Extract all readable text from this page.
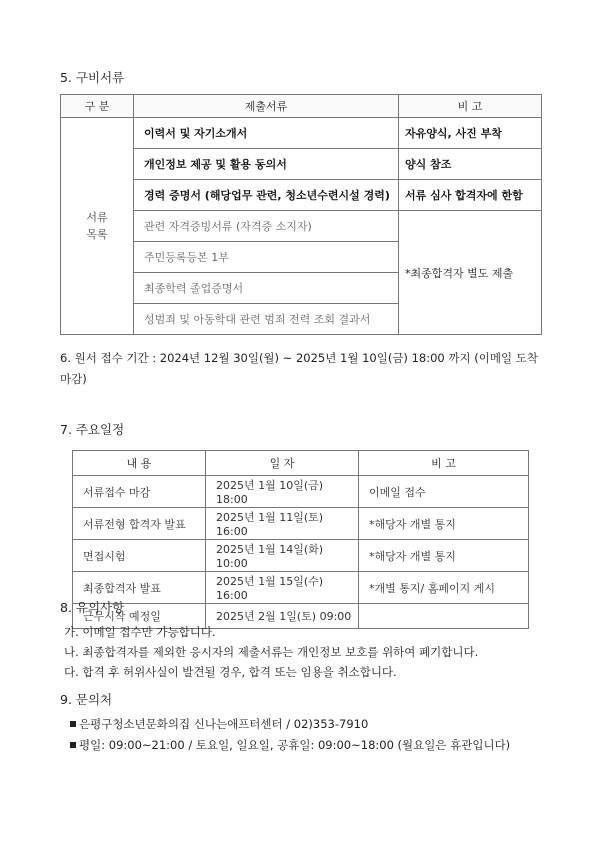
5. 구비서류
구 분	제출서류	비 고

서류
목록	이력서 및 자기소개서	자유양식, 사진 부착
	개인정보 제공 및 활용 동의서	양식 참조
	경력 증명서 (해당업무 관련, 청소년수련시설 경력)	서류 심사 합격자에 한함
	관련 자격증빙서류 (자격증 소지자)	*최종합격자 별도 제출
	주민등록등본 1부	
	최종학력 졸업증명서	
	성범죄 및 아동학대 관련 범죄 전력 조회 결과서	
6. 원서 접수 기간 : 2024년 12월 30일(월) ~ 2025년 1월 10일(금) 18:00 까지 (이메일 도착 마감)
7. 주요일정
내 용	일 자	비 고
서류접수 마감	2025년 1월 10일(금) 18:00	이메일 접수
서류전형 합격자 발표	2025년 1월 11일(토) 16:00	*해당자 개별 통지
면접시험	2025년 1월 14일(화) 10:00	*해당자 개별 통지
최종합격자 발표	2025년 1월 15일(수) 16:00	*개별 통지/ 홈페이지 게시
근무시작 예정일	2025년 2월 1일(토) 09:00	
8. 유의사항
가. 이메일 접수만 가능합니다.
나. 최종합격자를 제외한 응시자의 제출서류는 개인정보 보호를 위하여 폐기합니다.
다. 합격 후 허위사실이 발견될 경우, 합격 또는 임용을 취소합니다.
9. 문의처
은평구청소년문화의집 신나는애프터센터 / 02)353-7910
평일: 09:00~21:00 / 토요일, 일요일, 공휴일: 09:00~18:00 (월요일은 휴관입니다)
